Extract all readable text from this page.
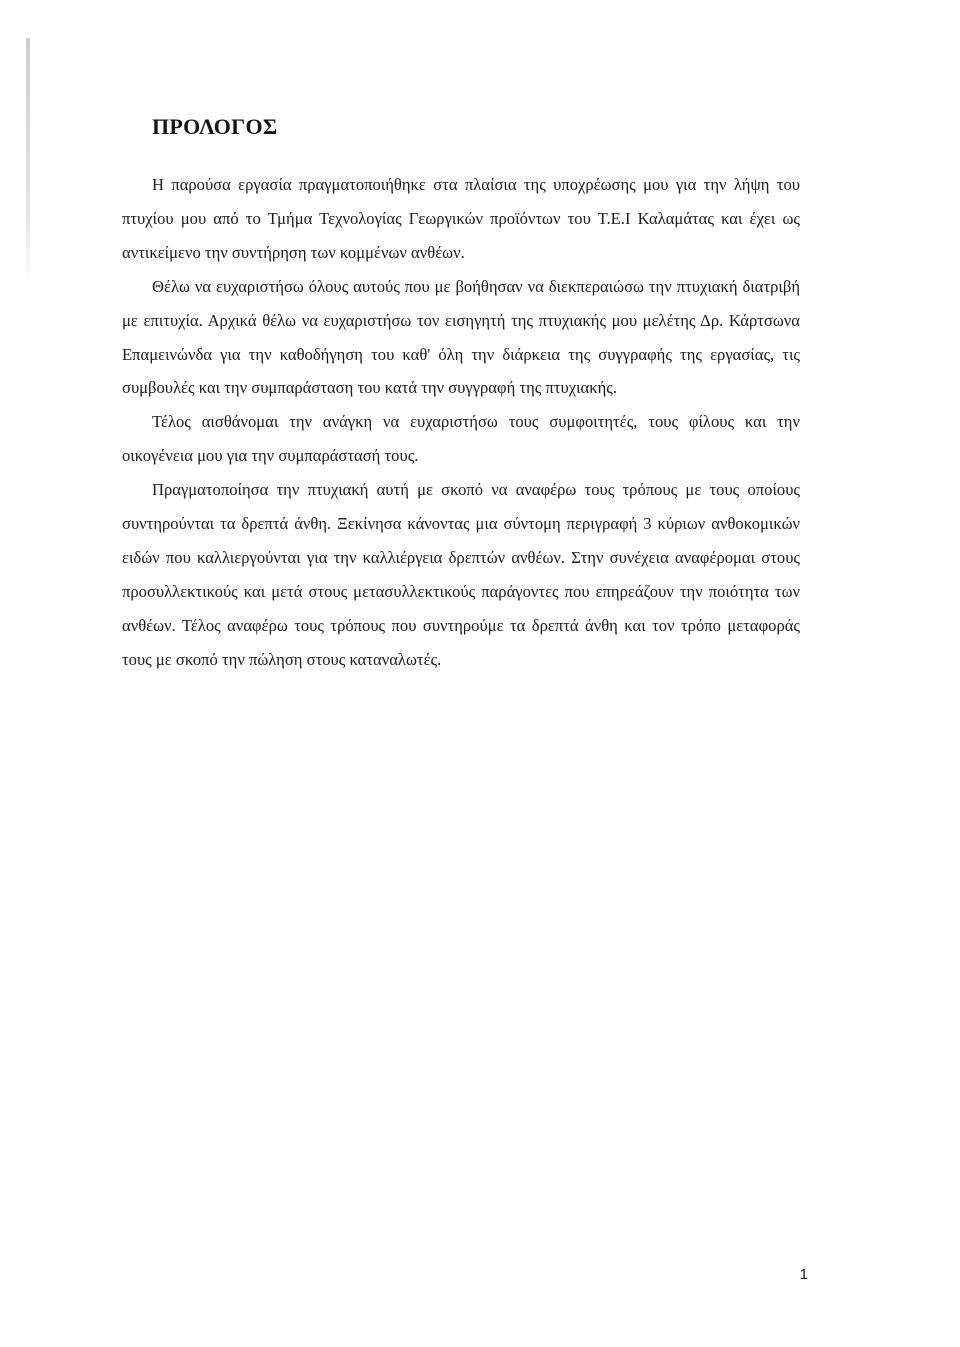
ΠΡΟΛΟΓΟΣ

Η παρούσα εργασία πραγματοποιήθηκε στα πλαίσια της υποχρέωσης μου για την λήψη του πτυχίου μου από το Τμήμα Τεχνολογίας Γεωργικών προϊόντων του Τ.Ε.Ι Καλαμάτας και έχει ως αντικείμενο την συντήρηση των κομμένων ανθέων.

Θέλω να ευχαριστήσω όλους αυτούς που με βοήθησαν να διεκπεραιώσω την πτυχιακή διατριβή με επιτυχία. Αρχικά θέλω να ευχαριστήσω τον εισηγητή της πτυχιακής μου μελέτης Δρ. Κάρτσωνα Επαμεινώνδα για την καθοδήγηση του καθ' όλη την διάρκεια της συγγραφής της εργασίας, τις συμβουλές και την συμπαράσταση του κατά την συγγραφή της πτυχιακής.

Τέλος αισθάνομαι την ανάγκη να ευχαριστήσω τους συμφοιτητές, τους φίλους και την οικογένεια μου για την συμπαράστασή τους.

Πραγματοποίησα την πτυχιακή αυτή με σκοπό να αναφέρω τους τρόπους με τους οποίους συντηρούνται τα δρεπτά άνθη. Ξεκίνησα κάνοντας μια σύντομη περιγραφή 3 κύριων ανθοκομικών ειδών που καλλιεργούνται για την καλλιέργεια δρεπτών ανθέων. Στην συνέχεια αναφέρομαι στους προσυλλεκτικούς και μετά στους μετασυλλεκτικούς παράγοντες που επηρεάζουν την ποιότητα των ανθέων. Τέλος αναφέρω τους τρόπους που συντηρούμε τα δρεπτά άνθη και τον τρόπο μεταφοράς τους με σκοπό την πώληση στους καταναλωτές.

1
